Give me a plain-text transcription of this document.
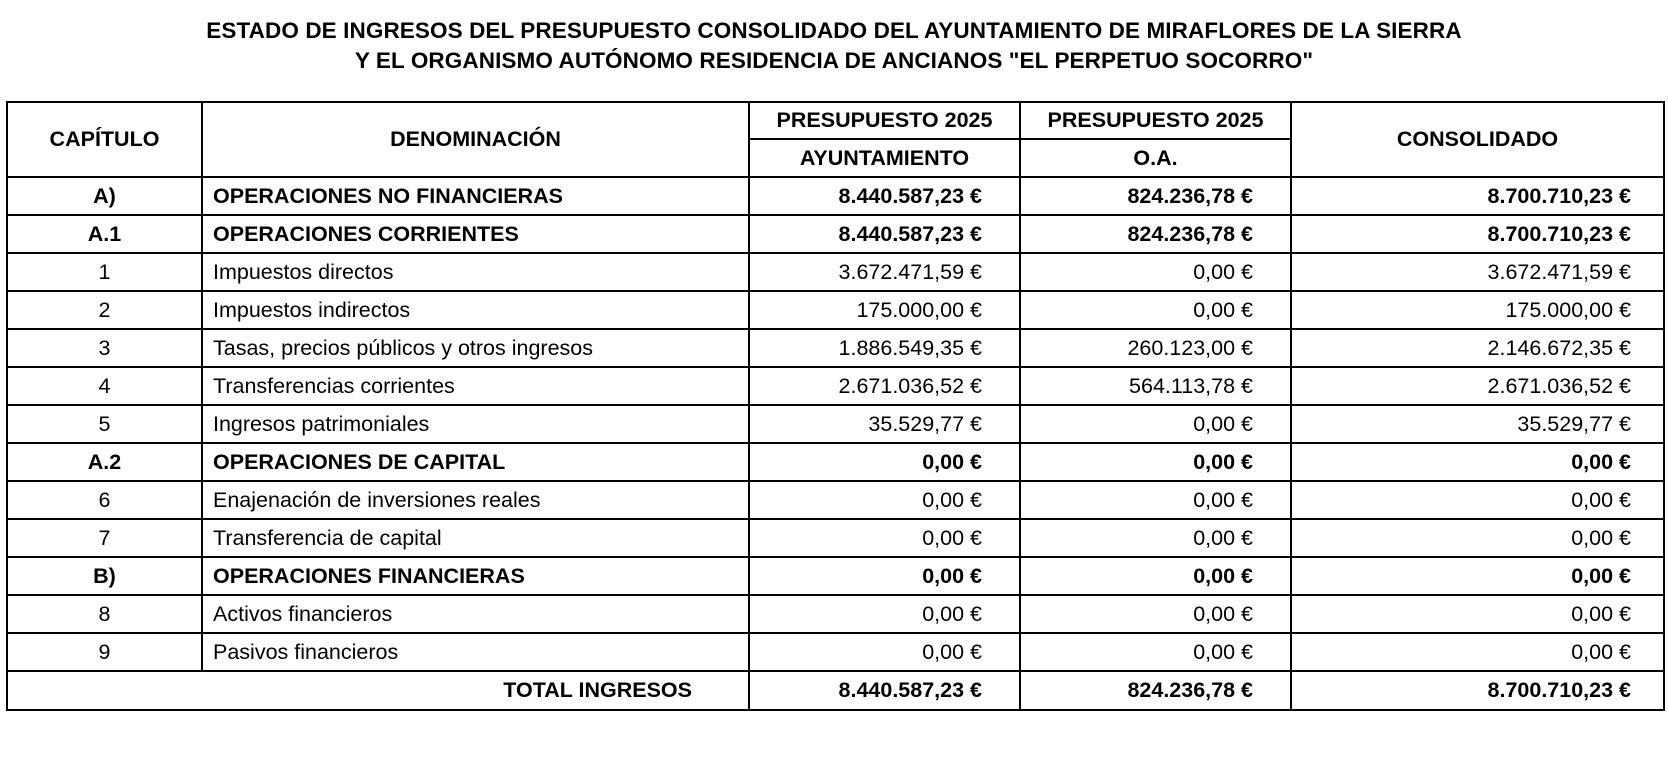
ESTADO DE INGRESOS DEL PRESUPUESTO CONSOLIDADO DEL AYUNTAMIENTO DE MIRAFLORES DE LA SIERRA
Y EL ORGANISMO AUTÓNOMO RESIDENCIA DE ANCIANOS "EL PERPETUO SOCORRO"
CAPÍTULO	DENOMINACIÓN	PRESUPUESTO 2025	PRESUPUESTO 2025	CONSOLIDADO
		AYUNTAMIENTO	O.A.	
A)	OPERACIONES NO FINANCIERAS	8.440.587,23 €	824.236,78 €	8.700.710,23 €
A.1	OPERACIONES CORRIENTES	8.440.587,23 €	824.236,78 €	8.700.710,23 €
1	Impuestos directos	3.672.471,59 €	0,00 €	3.672.471,59 €
2	Impuestos indirectos	175.000,00 €	0,00 €	175.000,00 €
3	Tasas, precios públicos y otros ingresos	1.886.549,35 €	260.123,00 €	2.146.672,35 €
4	Transferencias corrientes	2.671.036,52 €	564.113,78 €	2.671.036,52 €
5	Ingresos patrimoniales	35.529,77 €	0,00 €	35.529,77 €
A.2	OPERACIONES DE CAPITAL	0,00 €	0,00 €	0,00 €
6	Enajenación de inversiones reales	0,00 €	0,00 €	0,00 €
7	Transferencia de capital	0,00 €	0,00 €	0,00 €
B)	OPERACIONES FINANCIERAS	0,00 €	0,00 €	0,00 €
8	Activos financieros	0,00 €	0,00 €	0,00 €
9	Pasivos financieros	0,00 €	0,00 €	0,00 €
TOTAL INGRESOS		8.440.587,23 €	824.236,78 €	8.700.710,23 €
